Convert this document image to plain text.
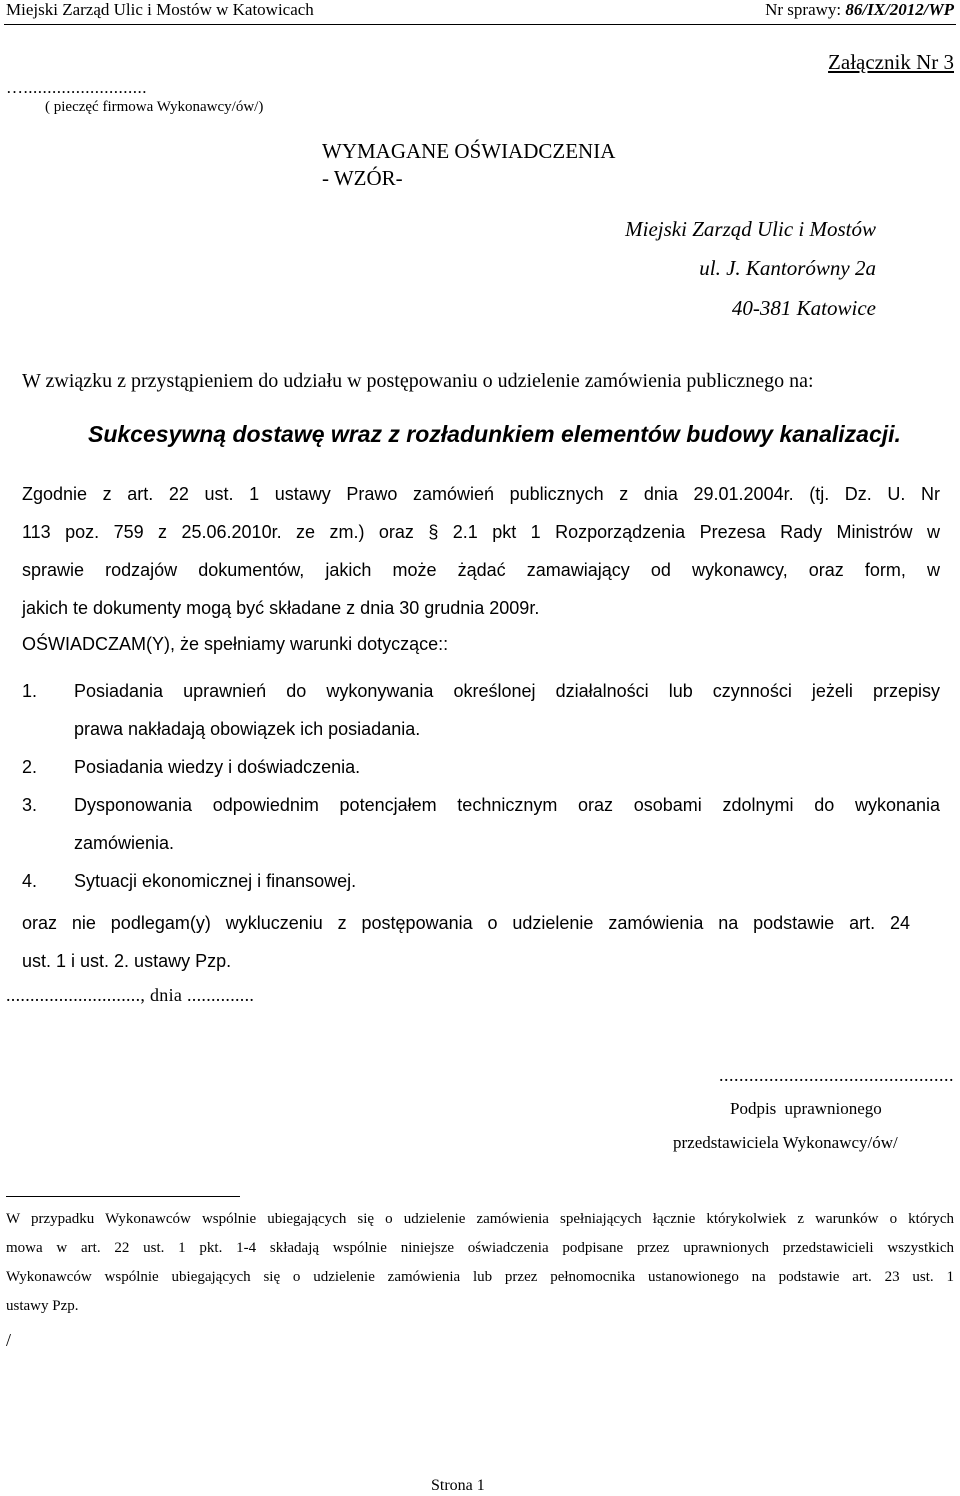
Miejski Zarząd Ulic i Mostów w Katowicach	Nr sprawy: 86/IX/2012/WP
Załącznik Nr 3
…..........................
( pieczęć firmowa Wykonawcy/ów/)
WYMAGANE OŚWIADCZENIA
- WZÓR-
Miejski Zarząd Ulic i Mostów
ul. J. Kantorówny 2a
40-381 Katowice
W związku z przystąpieniem do udziału w postępowaniu o udzielenie zamówienia publicznego na:
Sukcesywną dostawę wraz z rozładunkiem elementów budowy kanalizacji.
Zgodnie z art. 22 ust. 1 ustawy Prawo zamówień publicznych z dnia 29.01.2004r. (tj. Dz. U. Nr
113 poz. 759 z 25.06.2010r. ze zm.) oraz § 2.1 pkt 1 Rozporządzenia Prezesa Rady Ministrów w
sprawie rodzajów dokumentów, jakich może żądać zamawiający od wykonawcy, oraz form, w
jakich te dokumenty mogą być składane z dnia 30 grudnia 2009r.
OŚWIADCZAM(Y), że spełniamy warunki dotyczące::
1. Posiadania uprawnień do wykonywania określonej działalności lub czynności jeżeli przepisy
prawa nakładają obowiązek ich posiadania.
2. Posiadania wiedzy i doświadczenia.
3. Dysponowania odpowiednim potencjałem technicznym oraz osobami zdolnymi do wykonania
zamówienia.
4. Sytuacji ekonomicznej i finansowej.
oraz nie podlegam(y) wykluczeniu z postępowania o udzielenie zamówienia na podstawie art. 24
ust. 1 i ust. 2. ustawy Pzp.
............................, dnia ..............
...............................................
Podpis uprawnionego
przedstawiciela Wykonawcy/ów/
W przypadku Wykonawców wspólnie ubiegających się o udzielenie zamówienia spełniających łącznie którykolwiek z warunków o których
mowa w art. 22 ust. 1 pkt. 1-4 składają wspólnie niniejsze oświadczenia podpisane przez uprawnionych przedstawicieli wszystkich
Wykonawców wspólnie ubiegających się o udzielenie zamówienia lub przez pełnomocnika ustanowionego na podstawie art. 23 ust. 1
ustawy Pzp.
/
Strona 1
